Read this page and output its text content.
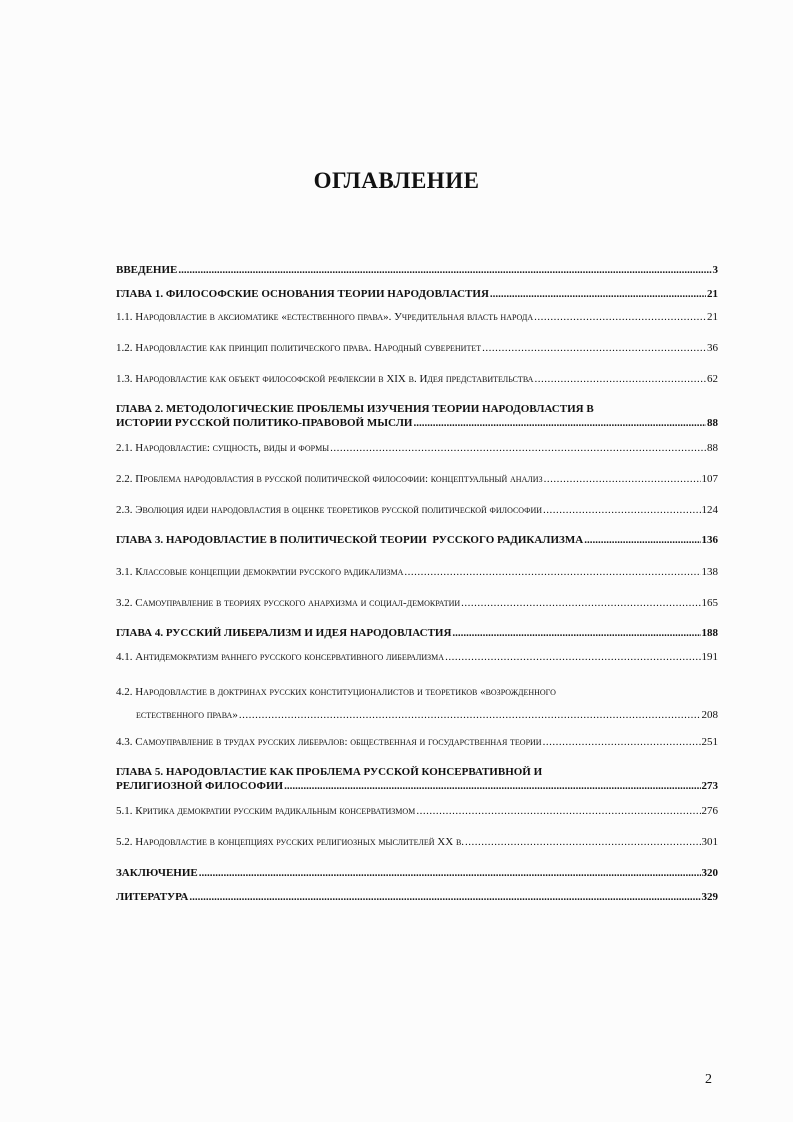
ОГЛАВЛЕНИЕ
ВВЕДЕНИЕ .....	3
ГЛАВА 1. ФИЛОСОФСКИЕ ОСНОВАНИЯ ТЕОРИИ НАРОДОВЛАСТИЯ .....	21
1.1. Народовластие в аксиоматике «естественного права». Учредительная власть народа .....	21
1.2. Народовластие как принцип политического права. Народный суверенитет .....	36
1.3. Народовластие как объект философской рефлексии в XIX в. Идея представительства .....	62
ГЛАВА 2. МЕТОДОЛОГИЧЕСКИЕ ПРОБЛЕМЫ ИЗУЧЕНИЯ ТЕОРИИ НАРОДОВЛАСТИЯ В
ИСТОРИИ РУССКОЙ ПОЛИТИКО-ПРАВОВОЙ МЫСЛИ .....	88
2.1. Народовластие: сущность, виды и формы .....	88
2.2. Проблема народовластия в русской политической философии: концептуальный анализ .....	107
2.3. Эволюция идеи народовластия в оценке теоретиков русской политической философии .....	124
ГЛАВА 3. НАРОДОВЛАСТИЕ В ПОЛИТИЧЕСКОЙ ТЕОРИИ  РУССКОГО РАДИКАЛИЗМА .....	136
3.1. Классовые концепции демократии русского радикализма .....	138
3.2. Самоуправление в теориях русского анархизма и социал-демократии .....	165
ГЛАВА 4. РУССКИЙ ЛИБЕРАЛИЗМ И ИДЕЯ НАРОДОВЛАСТИЯ .....	188
4.1. Антидемократизм раннего русского консервативного либерализма .....	191
4.2. Народовластие в доктринах русских конституционалистов и теоретиков «возрожденного
естественного права» .....	208
4.3. Самоуправление в трудах русских либералов: общественная и государственная теории .....	251
ГЛАВА 5. НАРОДОВЛАСТИЕ КАК ПРОБЛЕМА РУССКОЙ КОНСЕРВАТИВНОЙ И
РЕЛИГИОЗНОЙ ФИЛОСОФИИ .....	273
5.1. Критика демократии русским радикальным консерватизмом .....	276
5.2. Народовластие в концепциях русских религиозных мыслителей XX в. .....	301
ЗАКЛЮЧЕНИЕ .....	320
ЛИТЕРАТУРА .....	329
2
